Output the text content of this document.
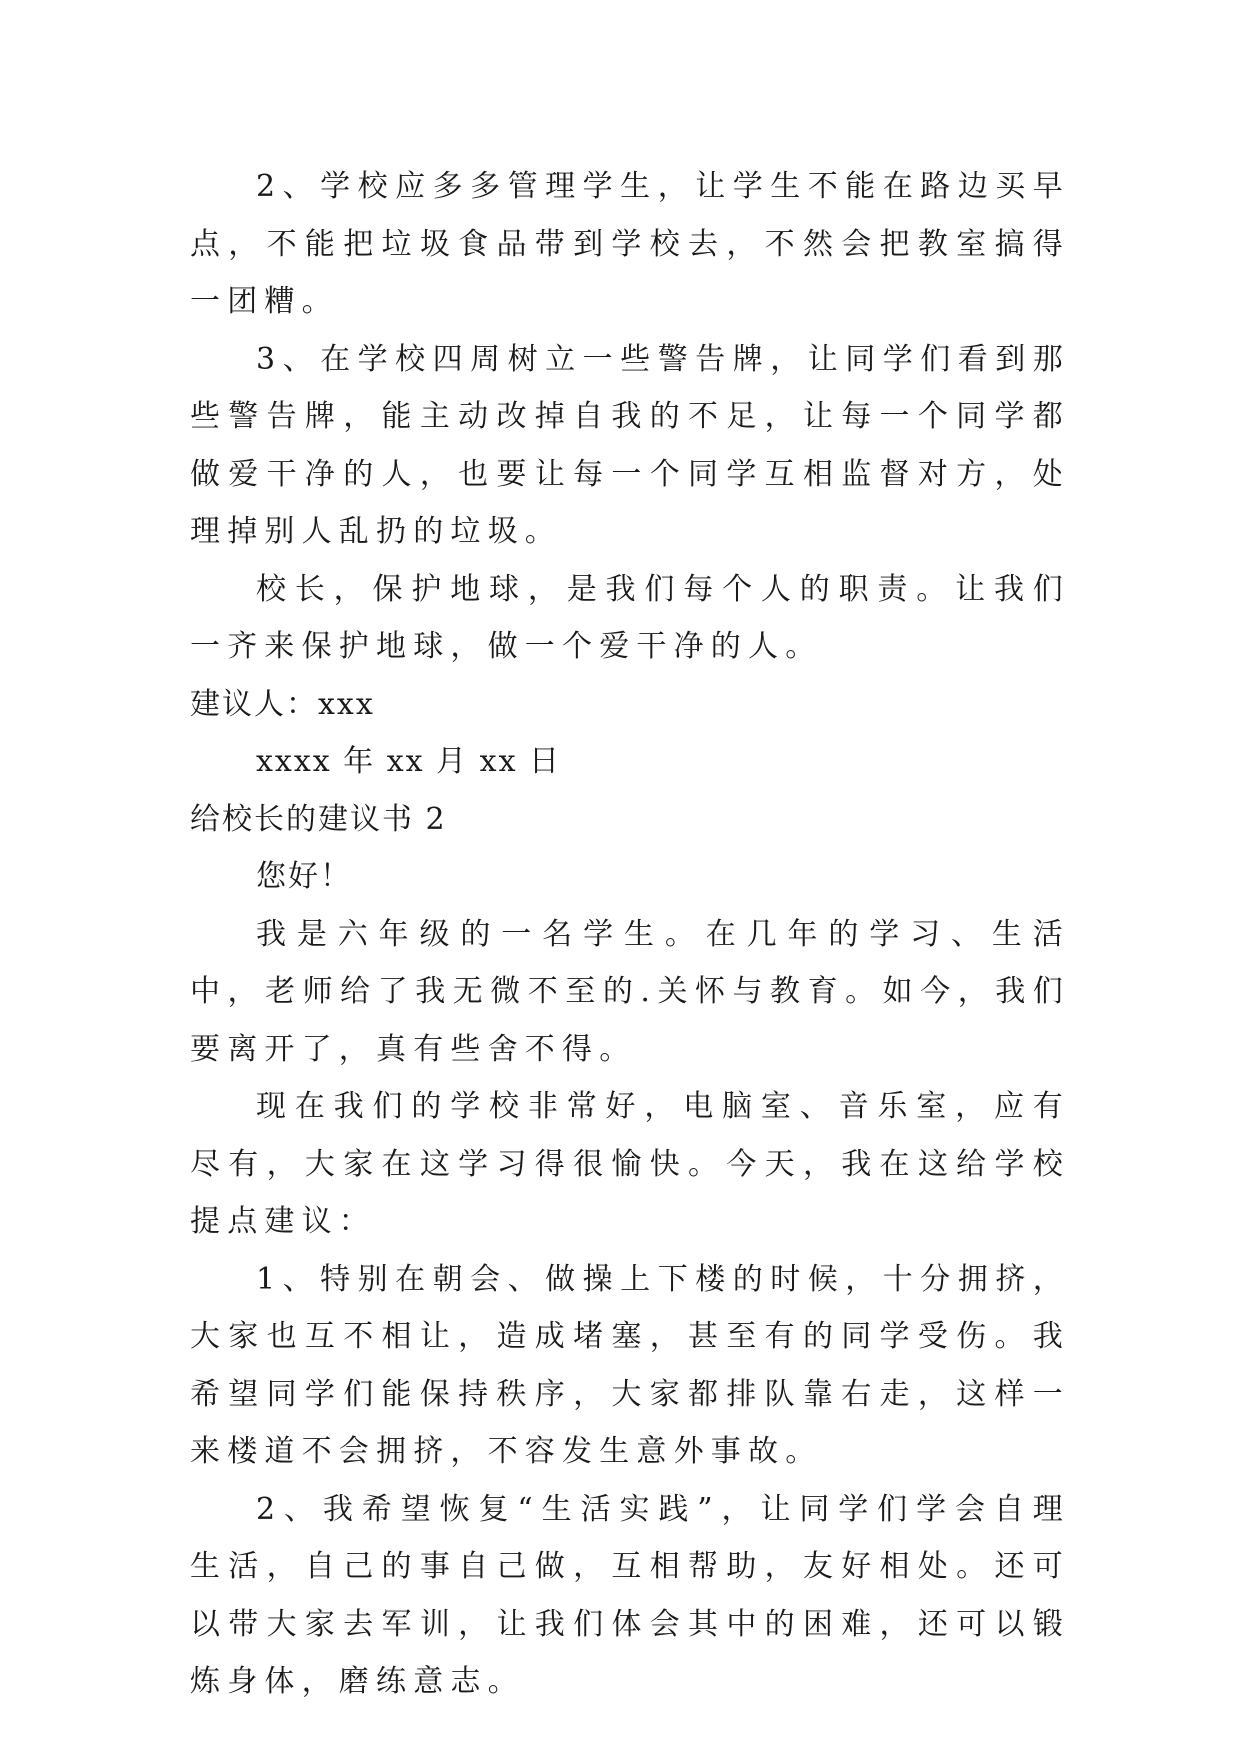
2、学校应多多管理学生，让学生不能在路边买早点，不能把垃圾食品带到学校去，不然会把教室搞得一团糟。

3、在学校四周树立一些警告牌，让同学们看到那些警告牌，能主动改掉自我的不足，让每一个同学都做爱干净的人，也要让每一个同学互相监督对方，处理掉别人乱扔的垃圾。

校长，保护地球，是我们每个人的职责。让我们一齐来保护地球，做一个爱干净的人。

建议人：xxx

xxxx 年 xx 月 xx 日

给校长的建议书 2

您好！

我是六年级的一名学生。在几年的学习、生活中，老师给了我无微不至的.关怀与教育。如今，我们要离开了，真有些舍不得。

现在我们的学校非常好，电脑室、音乐室，应有尽有，大家在这学习得很愉快。今天，我在这给学校提点建议：

1、特别在朝会、做操上下楼的时候，十分拥挤，大家也互不相让，造成堵塞，甚至有的同学受伤。我希望同学们能保持秩序，大家都排队靠右走，这样一来楼道不会拥挤，不容发生意外事故。

2、我希望恢复“生活实践”，让同学们学会自理生活，自己的事自己做，互相帮助，友好相处。还可以带大家去军训，让我们体会其中的困难，还可以锻炼身体，磨练意志。
